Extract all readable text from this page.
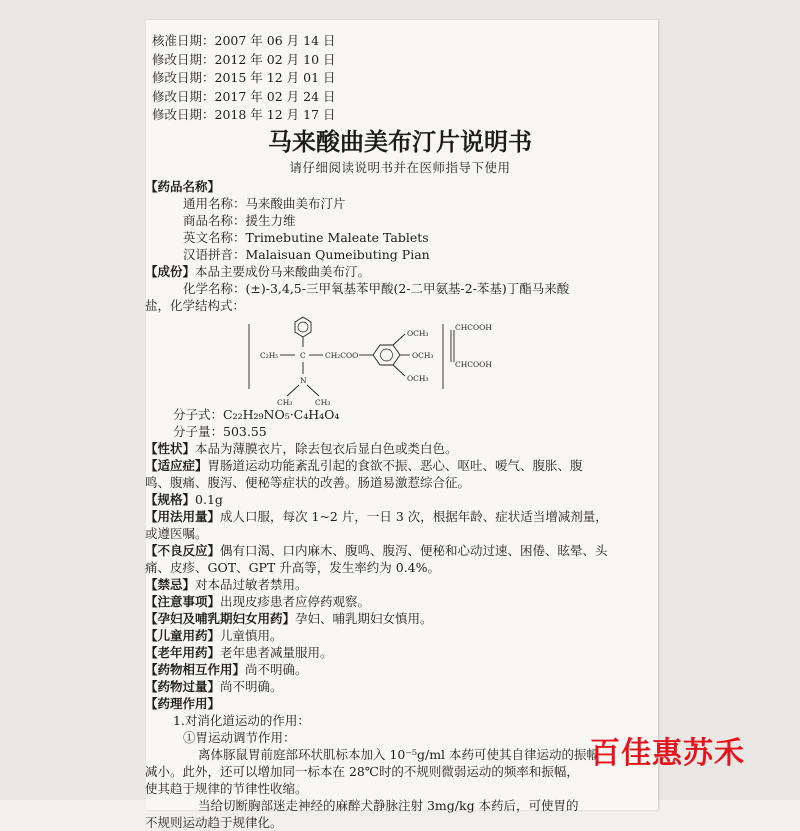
核准日期：2007 年 06 月 14 日
修改日期：2012 年 02 月 10 日
修改日期：2015 年 12 月 01 日
修改日期：2017 年 02 月 24 日
修改日期：2018 年 12 月 17 日
马来酸曲美布汀片说明书
请仔细阅读说明书并在医师指导下使用
【药品名称】
通用名称：马来酸曲美布汀片
商品名称：援生力维
英文名称：Trimebutine Maleate Tablets
汉语拼音：Malaisuan Qumeibuting Pian
【成份】本品主要成份马来酸曲美布汀。
化学名称：(±)-3,4,5-三甲氧基苯甲酸(2-二甲氨基-2-苯基)丁酯马来酸
盐，化学结构式：
C₂H₅	C	CH₂COO
N
CH₃	CH₃
OCH₃
OCH₃
OCH₃
CHCOOH
CHCOOH
分子式：C₂₂H₂₉NO₅·C₄H₄O₄
分子量：503.55
【性状】本品为薄膜衣片，除去包衣后显白色或类白色。
【适应症】胃肠道运动功能紊乱引起的食欲不振、恶心、呕吐、嗳气、腹胀、腹
鸣、腹痛、腹泻、便秘等症状的改善。肠道易激惹综合征。
【规格】0.1g
【用法用量】成人口服，每次 1~2 片，一日 3 次，根据年龄、症状适当增减剂量，
或遵医嘱。
【不良反应】偶有口渴、口内麻木、腹鸣、腹泻、便秘和心动过速、困倦、眩晕、头
痛、皮疹、GOT、GPT 升高等，发生率约为 0.4%。
【禁忌】对本品过敏者禁用。
【注意事项】出现皮疹患者应停药观察。
【孕妇及哺乳期妇女用药】孕妇、哺乳期妇女慎用。
【儿童用药】儿童慎用。
【老年用药】老年患者减量服用。
【药物相互作用】尚不明确。
【药物过量】尚不明确。
【药理作用】
1.对消化道运动的作用：
①胃运动调节作用：
离体豚鼠胃前庭部环状肌标本加入 10⁻⁵g/ml 本药可使其自律运动的振幅
减小。此外，还可以增加同一标本在 28℃时的不规则微弱运动的频率和振幅，
使其趋于规律的节律性收缩。
当给切断胸部迷走神经的麻醉犬静脉注射 3mg/kg 本药后，可使胃的
不规则运动趋于规律化。
百佳惠苏禾
